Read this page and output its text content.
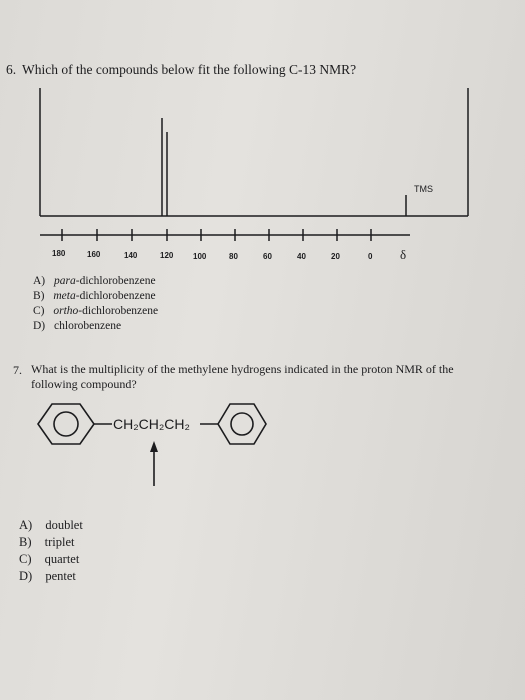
6. Which of the compounds below fit the following C-13 NMR?
TMS
180	160	140	120 100	80	60	40	20	0 δ
A) para-dichlorobenzene
B) meta-dichlorobenzene
C) ortho-dichlorobenzene
D) chlorobenzene
7. What is the multiplicity of the methylene hydrogens indicated in the proton NMR of the
following compound?
CH₂CH₂CH₂
A) doublet
B) triplet
C) quartet
D) pentet
